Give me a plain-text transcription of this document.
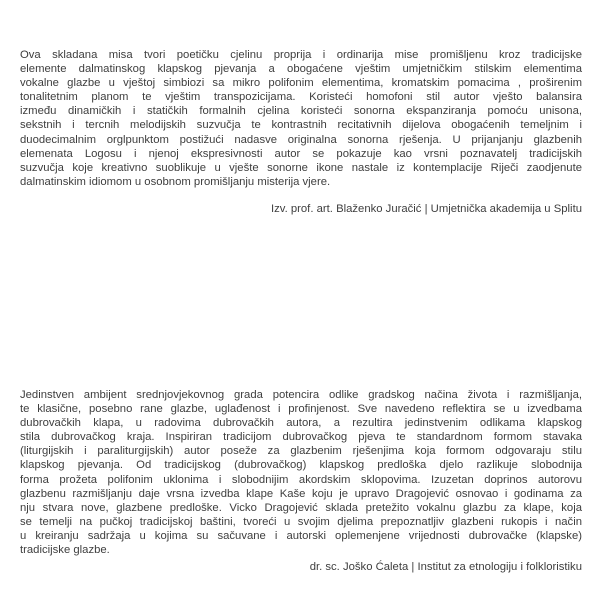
Ova skladana misa tvori poetičku cjelinu proprija i ordinarija mise promišljenu kroz tradicijske
elemente dalmatinskog klapskog pjevanja a obogaćene vještim umjetničkim stilskim elementima
vokalne glazbe u vještoj simbiozi sa mikro polifonim elementima, kromatskim pomacima , proširenim
tonalitetnim planom te vještim transpozicijama. Koristeći homofoni stil autor vješto balansira
između dinamičkih i statičkih formalnih cjelina koristeći sonorna ekspanziranja pomoću unisona,
sekstnih i tercnih melodijskih suzvučja te kontrastnih recitativnih dijelova obogaćenih temeljnim i
duodecimalnim orglpunktom postižući nadasve originalna sonorna rješenja. U prijanjanju glazbenih
elemenata Logosu i njenoj ekspresivnosti autor se pokazuje kao vrsni poznavatelj tradicijskih
suzvučja koje kreativno suoblikuje u vješte sonorne ikone nastale iz kontemplacije Riječi zaodjenute
dalmatinskim idiomom u osobnom promišljanju misterija vjere.
Izv. prof. art. Blaženko Juračić | Umjetnička akademija u Splitu
Jedinstven ambijent srednjovjekovnog grada potencira odlike gradskog načina života i razmišljanja,
te klasične, posebno rane glazbe, uglađenost i profinjenost. Sve navedeno reflektira se u izvedbama
dubrovačkih klapa, u radovima dubrovačkih autora, a rezultira jedinstvenim odlikama klapskog
stila dubrovačkog kraja. Inspiriran tradicijom dubrovačkog pjeva te standardnom formom stavaka
(liturgijskih i paraliturgijskih) autor poseže za glazbenim rješenjima koja formom odgovaraju stilu
klapskog pjevanja. Od tradicijskog (dubrovačkog) klapskog predloška djelo razlikuje slobodnija
forma prožeta polifonim uklonima i slobodnijim akordskim sklopovima. Izuzetan doprinos autorovu
glazbenu razmišljanju daje vrsna izvedba klape Kaše koju je upravo Dragojević osnovao i godinama za
nju stvara nove, glazbene predloške. Vicko Dragojević sklada pretežito vokalnu glazbu za klape, koja
se temelji na pučkoj tradicijskoj baštini, tvoreći u svojim djelima prepoznatljiv glazbeni rukopis i način
u kreiranju sadržaja u kojima su sačuvane i autorski oplemenjene vrijednosti dubrovačke (klapske)
tradicijske glazbe.
dr. sc. Joško Ćaleta | Institut za etnologiju i folkloristiku
